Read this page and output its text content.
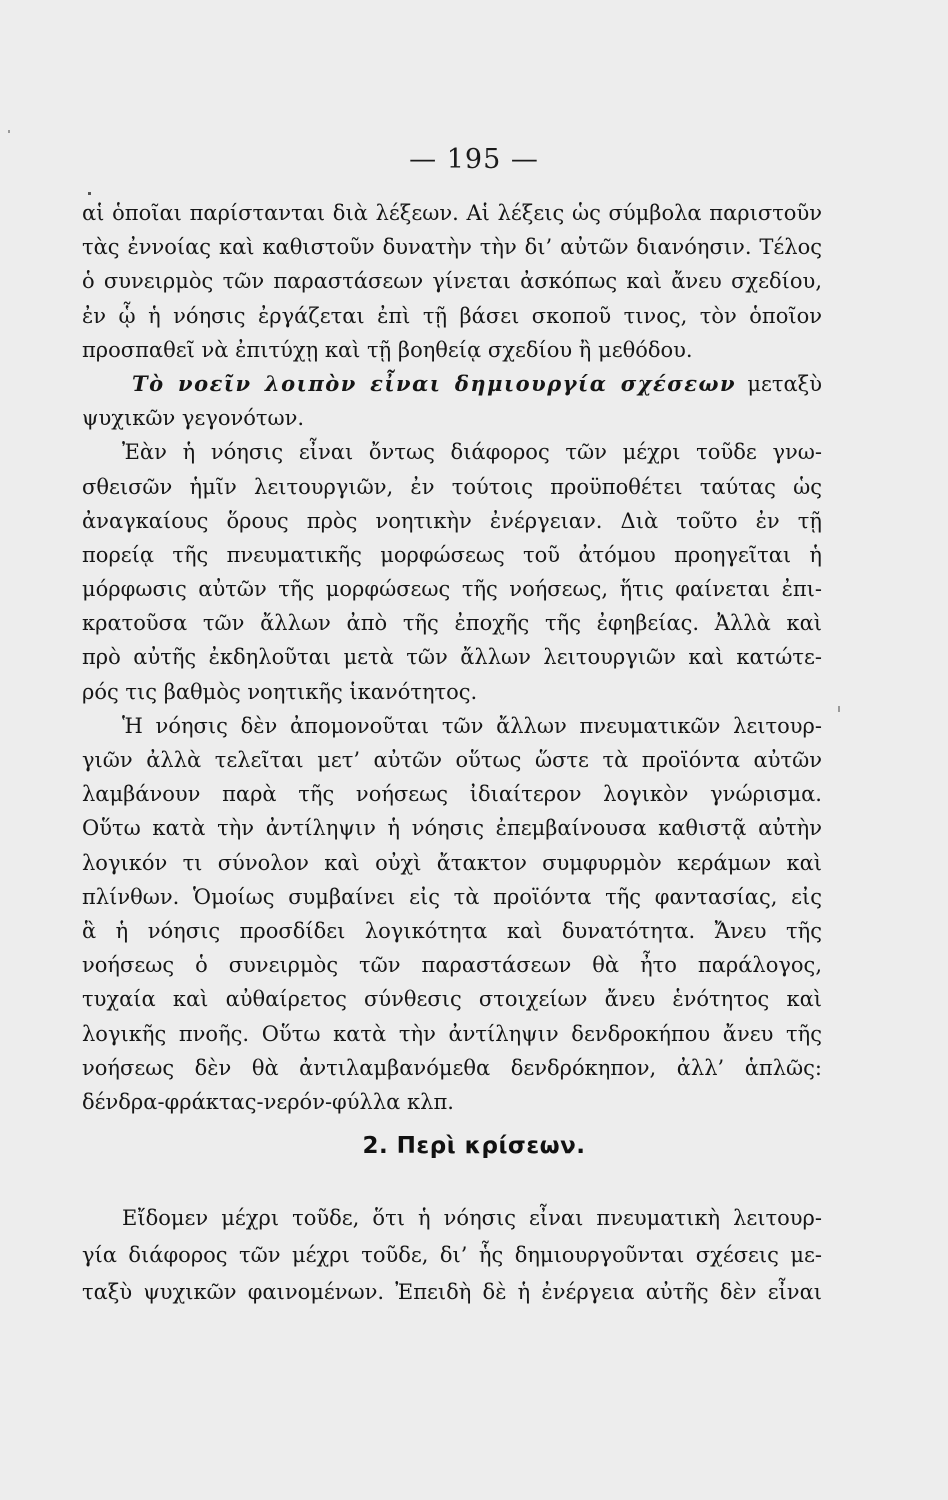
— 195 —
αἱ ὁποῖαι παρίστανται διὰ λέξεων. Αἱ λέξεις ὡς σύμβολα παριστοῦν
τὰς ἐννοίας καὶ καθιστοῦν δυνατὴν τὴν δι’ αὐτῶν διανόησιν. Τέλος
ὁ συνειρμὸς τῶν παραστάσεων γίνεται ἀσκόπως καὶ ἄνευ σχεδίου,
ἐν ᾧ ἡ νόησις ἐργάζεται ἐπὶ τῇ βάσει σκοποῦ τινος, τὸν ὁποῖον
προσπαθεῖ νὰ ἐπιτύχῃ καὶ τῇ βοηθείᾳ σχεδίου ἢ μεθόδου.
Τὸ νοεῖν λοιπὸν εἶναι δημιουργία σχέσεων μεταξὺ
ψυχικῶν γεγονότων.
Ἐὰν ἡ νόησις εἶναι ὄντως διάφορος τῶν μέχρι τοῦδε γνω-
σθεισῶν ἡμῖν λειτουργιῶν, ἐν τούτοις προϋποθέτει ταύτας ὡς
ἀναγκαίους ὅρους πρὸς νοητικὴν ἐνέργειαν. Διὰ τοῦτο ἐν τῇ
πορείᾳ τῆς πνευματικῆς μορφώσεως τοῦ ἀτόμου προηγεῖται ἡ
μόρφωσις αὐτῶν τῆς μορφώσεως τῆς νοήσεως, ἥτις φαίνεται ἐπι-
κρατοῦσα τῶν ἄλλων ἀπὸ τῆς ἐποχῆς τῆς ἐφηβείας. Ἀλλὰ καὶ
πρὸ αὐτῆς ἐκδηλοῦται μετὰ τῶν ἄλλων λειτουργιῶν καὶ κατώτε-
ρός τις βαθμὸς νοητικῆς ἱκανότητος.
Ἡ νόησις δὲν ἀπομονοῦται τῶν ἄλλων πνευματικῶν λειτουρ-
γιῶν ἀλλὰ τελεῖται μετ’ αὐτῶν οὕτως ὥστε τὰ προϊόντα αὐτῶν
λαμβάνουν παρὰ τῆς νοήσεως ἰδιαίτερον λογικὸν γνώρισμα.
Οὕτω κατὰ τὴν ἀντίληψιν ἡ νόησις ἐπεμβαίνουσα καθιστᾷ αὐτὴν
λογικόν τι σύνολον καὶ οὐχὶ ἄτακτον συμφυρμὸν κεράμων καὶ
πλίνθων. Ὁμοίως συμβαίνει εἰς τὰ προϊόντα τῆς φαντασίας, εἰς
ἃ ἡ νόησις προσδίδει λογικότητα καὶ δυνατότητα. Ἄνευ τῆς
νοήσεως ὁ συνειρμὸς τῶν παραστάσεων θὰ ἦτο παράλογος,
τυχαία καὶ αὐθαίρετος σύνθεσις στοιχείων ἄνευ ἑνότητος καὶ
λογικῆς πνοῆς. Οὕτω κατὰ τὴν ἀντίληψιν δενδροκήπου ἄνευ τῆς
νοήσεως δὲν θὰ ἀντιλαμβανόμεθα δενδρόκηπον, ἀλλ’ ἁπλῶς:
δένδρα-φράκτας-νερόν-φύλλα κλπ.
2. Περὶ κρίσεων.
Εἴδομεν μέχρι τοῦδε, ὅτι ἡ νόησις εἶναι πνευματικὴ λειτουρ-
γία διάφορος τῶν μέχρι τοῦδε, δι’ ἧς δημιουργοῦνται σχέσεις με-
ταξὺ ψυχικῶν φαινομένων. Ἐπειδὴ δὲ ἡ ἐνέργεια αὐτῆς δὲν εἶναι
